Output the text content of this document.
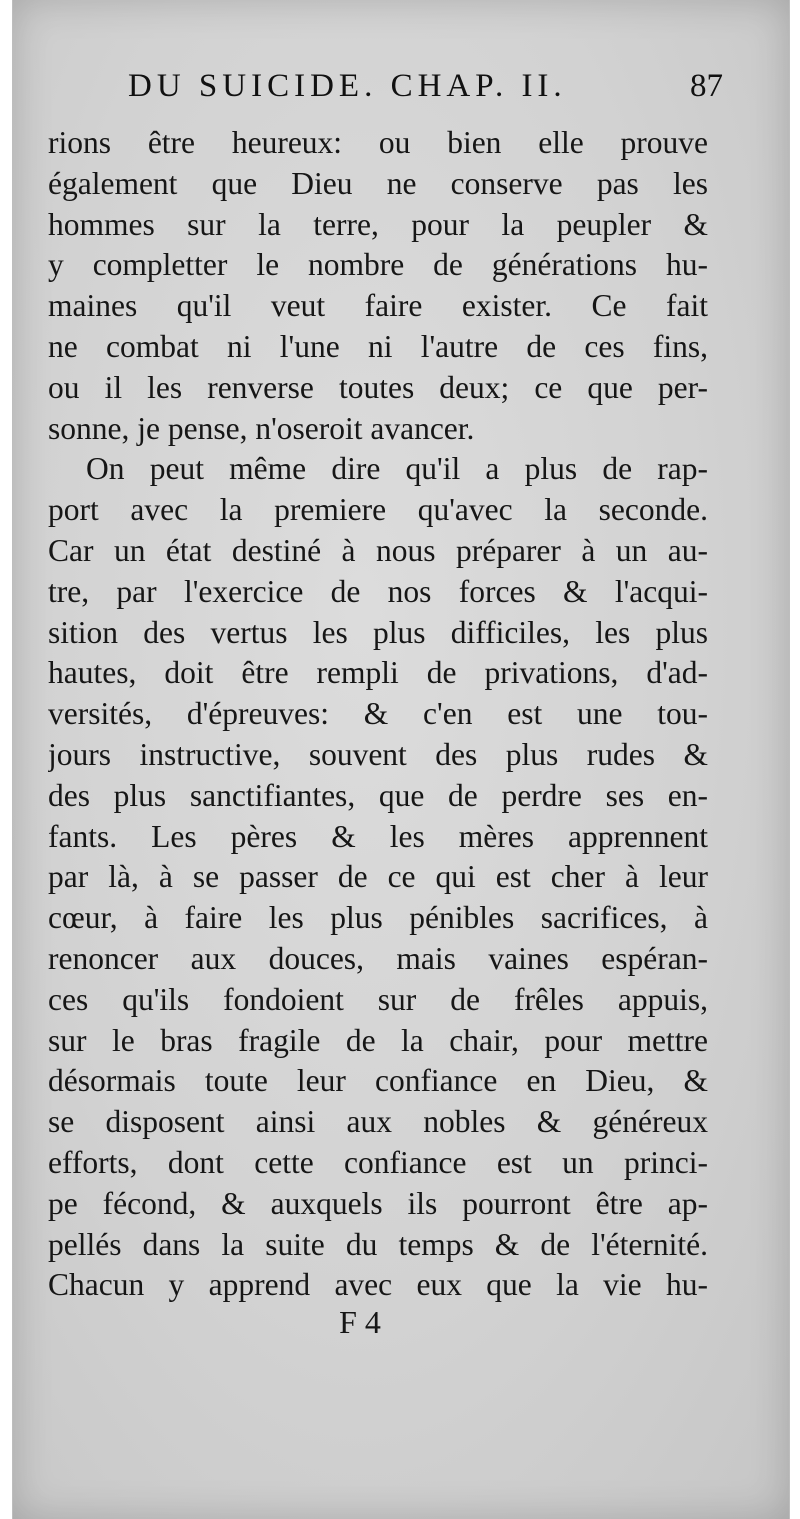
DU SUICIDE. CHAP. II.	87
rions être heureux: ou bien elle prouve
également que Dieu ne conserve pas les
hommes sur la terre, pour la peupler &
y completter le nombre de générations hu-
maines qu'il veut faire exister. Ce fait
ne combat ni l'une ni l'autre de ces fins,
ou il les renverse toutes deux; ce que per-
sonne, je pense, n'oseroit avancer.
On peut même dire qu'il a plus de rap-
port avec la premiere qu'avec la seconde.
Car un état destiné à nous préparer à un au-
tre, par l'exercice de nos forces & l'acqui-
sition des vertus les plus difficiles, les plus
hautes, doit être rempli de privations, d'ad-
versités, d'épreuves: & c'en est une tou-
jours instructive, souvent des plus rudes &
des plus sanctifiantes, que de perdre ses en-
fants. Les pères & les mères apprennent
par là, à se passer de ce qui est cher à leur
cœur, à faire les plus pénibles sacrifices, à
renoncer aux douces, mais vaines espéran-
ces qu'ils fondoient sur de frêles appuis,
sur le bras fragile de la chair, pour mettre
désormais toute leur confiance en Dieu, &
se disposent ainsi aux nobles & généreux
efforts, dont cette confiance est un princi-
pe fécond, & auxquels ils pourront être ap-
pellés dans la suite du temps & de l'éternité.
Chacun y apprend avec eux que la vie hu-
F 4
